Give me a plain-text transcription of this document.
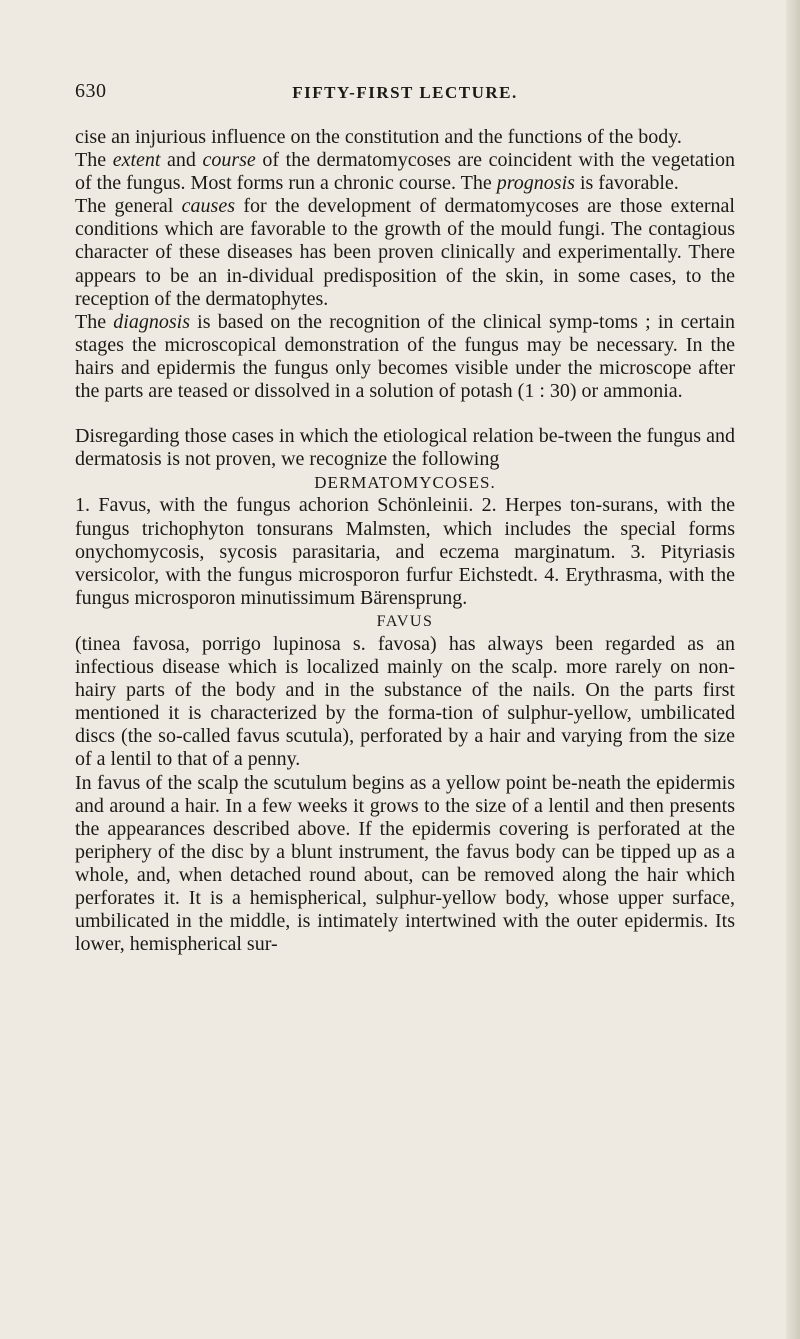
630	FIFTY-FIRST LECTURE.

cise an injurious influence on the constitution and the functions of the body.

The extent and course of the dermatomycoses are coincident with the vegetation of the fungus. Most forms run a chronic course. The prognosis is favorable.

The general causes for the development of dermatomycoses are those external conditions which are favorable to the growth of the mould fungi. The contagious character of these diseases has been proven clinically and experimentally. There appears to be an in-dividual predisposition of the skin, in some cases, to the reception of the dermatophytes.

The diagnosis is based on the recognition of the clinical symp-toms ; in certain stages the microscopical demonstration of the fungus may be necessary. In the hairs and epidermis the fungus only becomes visible under the microscope after the parts are teased or dissolved in a solution of potash (1 : 30) or ammonia.

Disregarding those cases in which the etiological relation be-tween the fungus and dermatosis is not proven, we recognize the following

DERMATOMYCOSES.

1. Favus, with the fungus achorion Schönleinii. 2. Herpes ton-surans, with the fungus trichophyton tonsurans Malmsten, which includes the special forms onychomycosis, sycosis parasitaria, and eczema marginatum. 3. Pityriasis versicolor, with the fungus microsporon furfur Eichstedt. 4. Erythrasma, with the fungus microsporon minutissimum Bärensprung.

FAVUS

(tinea favosa, porrigo lupinosa s. favosa) has always been regarded as an infectious disease which is localized mainly on the scalp. more rarely on non-hairy parts of the body and in the substance of the nails. On the parts first mentioned it is characterized by the forma-tion of sulphur-yellow, umbilicated discs (the so-called favus scutula), perforated by a hair and varying from the size of a lentil to that of a penny.

In favus of the scalp the scutulum begins as a yellow point be-neath the epidermis and around a hair. In a few weeks it grows to the size of a lentil and then presents the appearances described above. If the epidermis covering is perforated at the periphery of the disc by a blunt instrument, the favus body can be tipped up as a whole, and, when detached round about, can be removed along the hair which perforates it. It is a hemispherical, sulphur-yellow body, whose upper surface, umbilicated in the middle, is intimately intertwined with the outer epidermis. Its lower, hemispherical sur-
